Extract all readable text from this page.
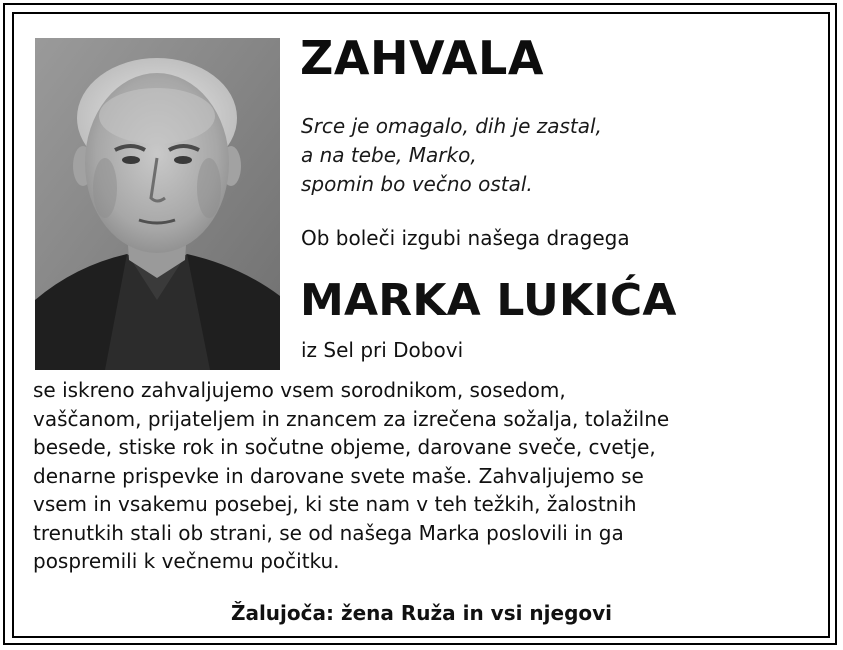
ZAHVALA
Srce je omagalo, dih je zastal,
a na tebe, Marko,
spomin bo večno ostal.
Ob boleči izgubi našega dragega
MARKA LUKIĆA
iz Sel pri Dobovi
se iskreno zahvaljujemo vsem sorodnikom, sosedom,
vaščanom, prijateljem in znancem za izrečena sožalja, tolažilne
besede, stiske rok in sočutne objeme, darovane sveče, cvetje,
denarne prispevke in darovane svete maše. Zahvaljujemo se
vsem in vsakemu posebej, ki ste nam v teh težkih, žalostnih
trenutkih stali ob strani, se od našega Marka poslovili in ga
pospremili k večnemu počitku.
Žalujoča: žena Ruža in vsi njegovi
